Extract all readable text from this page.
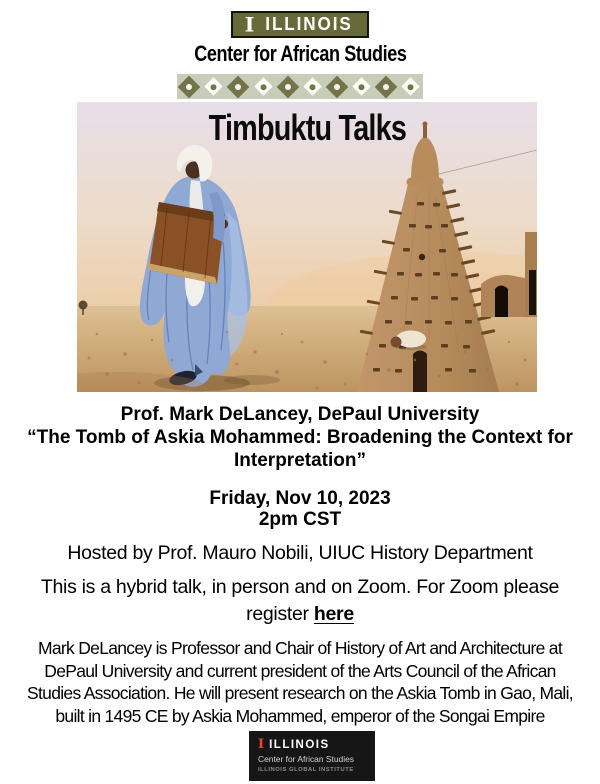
I ILLINOIS
Center for African Studies
Timbuktu Talks
Prof. Mark DeLancey, DePaul University
“The Tomb of Askia Mohammed: Broadening the Context for
Interpretation”
Friday, Nov 10, 2023
2pm CST
Hosted by Prof. Mauro Nobili, UIUC History Department
This is a hybrid talk, in person and on Zoom. For Zoom please
register here
Mark DeLancey is Professor and Chair of History of Art and Architecture at
DePaul University and current president of the Arts Council of the African
Studies Association. He will present research on the Askia Tomb in Gao, Mali,
built in 1495 CE by Askia Mohammed, emperor of the Songai Empire
I ILLINOIS
Center for African Studies
ILLINOIS GLOBAL INSTITUTE
